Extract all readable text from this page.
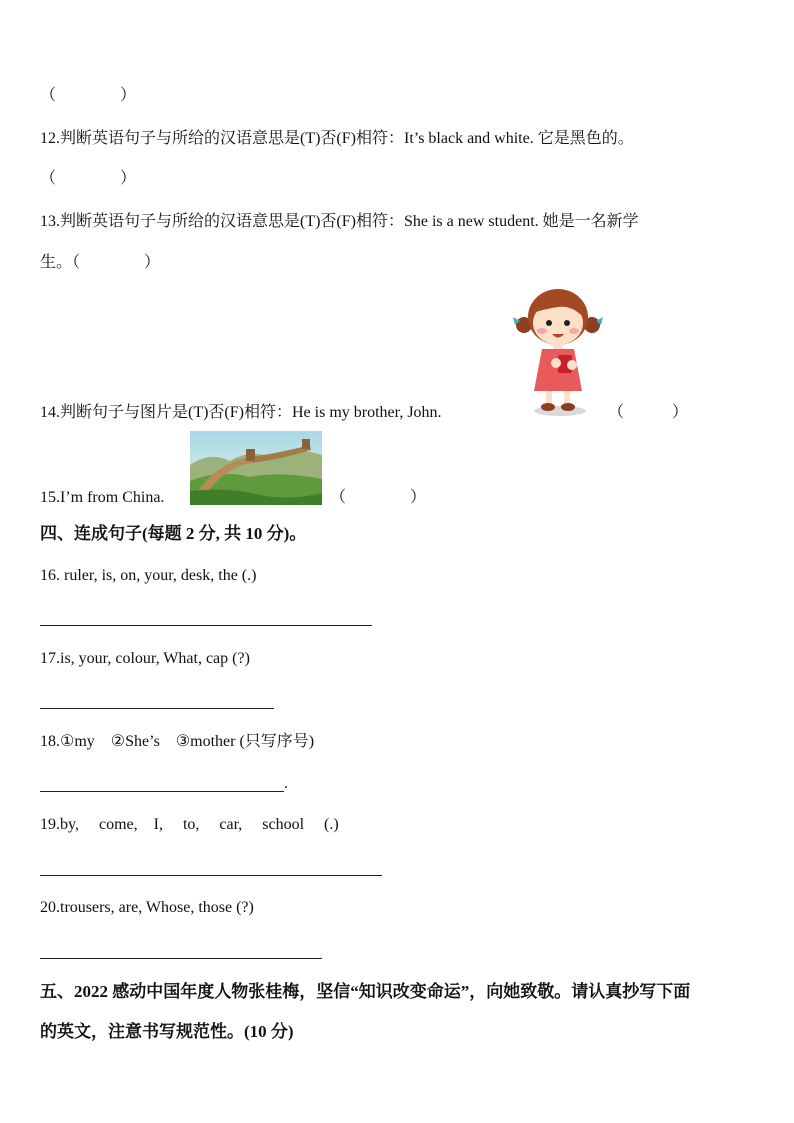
（　　　　）
12.判断英语句子与所给的汉语意思是(T)否(F)相符：It’s black and white. 它是黑色的。
（　　　　）
13.判断英语句子与所给的汉语意思是(T)否(F)相符：She is a new student. 她是一名新学
生。（　　　　）
14.判断句子与图片是(T)否(F)相符：He is my brother, John.	（　　　）
15.I’m from China.	（　　　　）
四、连成句子(每题 2 分, 共 10 分)。
16. ruler, is, on, your, desk, the (.)
17.is, your, colour, What, cap (?)
18.①my　②She’s　③mother (只写序号)
.
19.by,　 come,　I,　 to,　 car,　 school　 (.)
20.trousers, are, Whose, those (?)
五、2022 感动中国年度人物张桂梅，坚信“知识改变命运”，向她致敬。请认真抄写下面
的英文，注意书写规范性。(10 分)
